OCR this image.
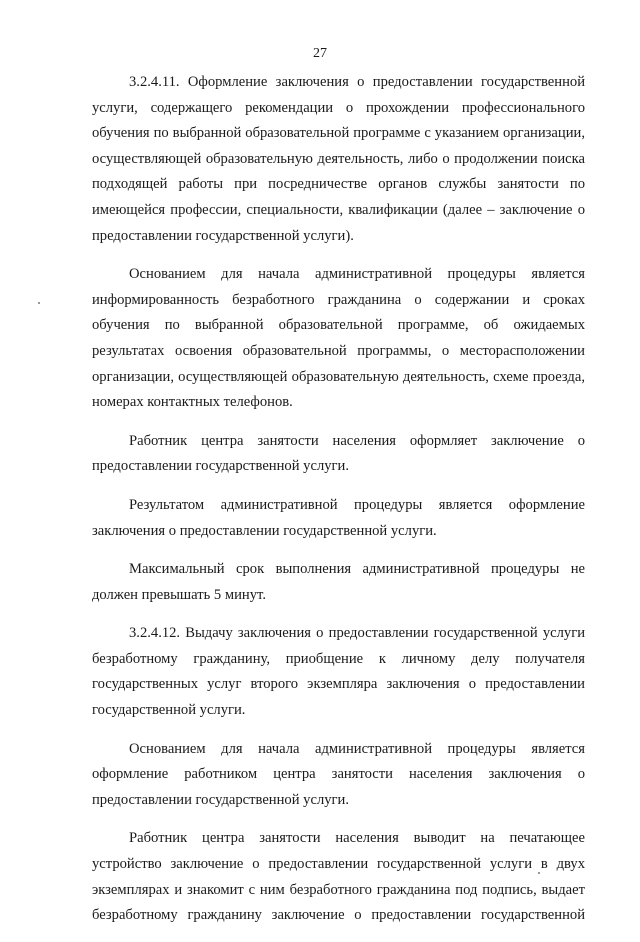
27

3.2.4.11. Оформление заключения о предоставлении государственной услуги, содержащего рекомендации о прохождении профессионального обучения по выбранной образовательной программе с указанием организации, осуществляющей образовательную деятельность, либо о продолжении поиска подходящей работы при посредничестве органов службы занятости по имеющейся профессии, специальности, квалификации (далее – заключение о предоставлении государственной услуги).

Основанием для начала административной процедуры является информированность безработного гражданина о содержании и сроках обучения по выбранной образовательной программе, об ожидаемых результатах освоения образовательной программы, о месторасположении организации, осуществляющей образовательную деятельность, схеме проезда, номерах контактных телефонов.

Работник центра занятости населения оформляет заключение о предоставлении государственной услуги.

Результатом административной процедуры является оформление заключения о предоставлении государственной услуги.

Максимальный срок выполнения административной процедуры не должен превышать 5 минут.

3.2.4.12. Выдачу заключения о предоставлении государственной услуги безработному гражданину, приобщение к личному делу получателя государственных услуг второго экземпляра заключения о предоставлении государственной услуги.

Основанием для начала административной процедуры является оформление работником центра занятости населения заключения о предоставлении государственной услуги.

Работник центра занятости населения выводит на печатающее устройство заключение о предоставлении государственной услуги в двух экземплярах и знакомит с ним безработного гражданина под подпись, выдает безработному гражданину заключение о предоставлении государственной
